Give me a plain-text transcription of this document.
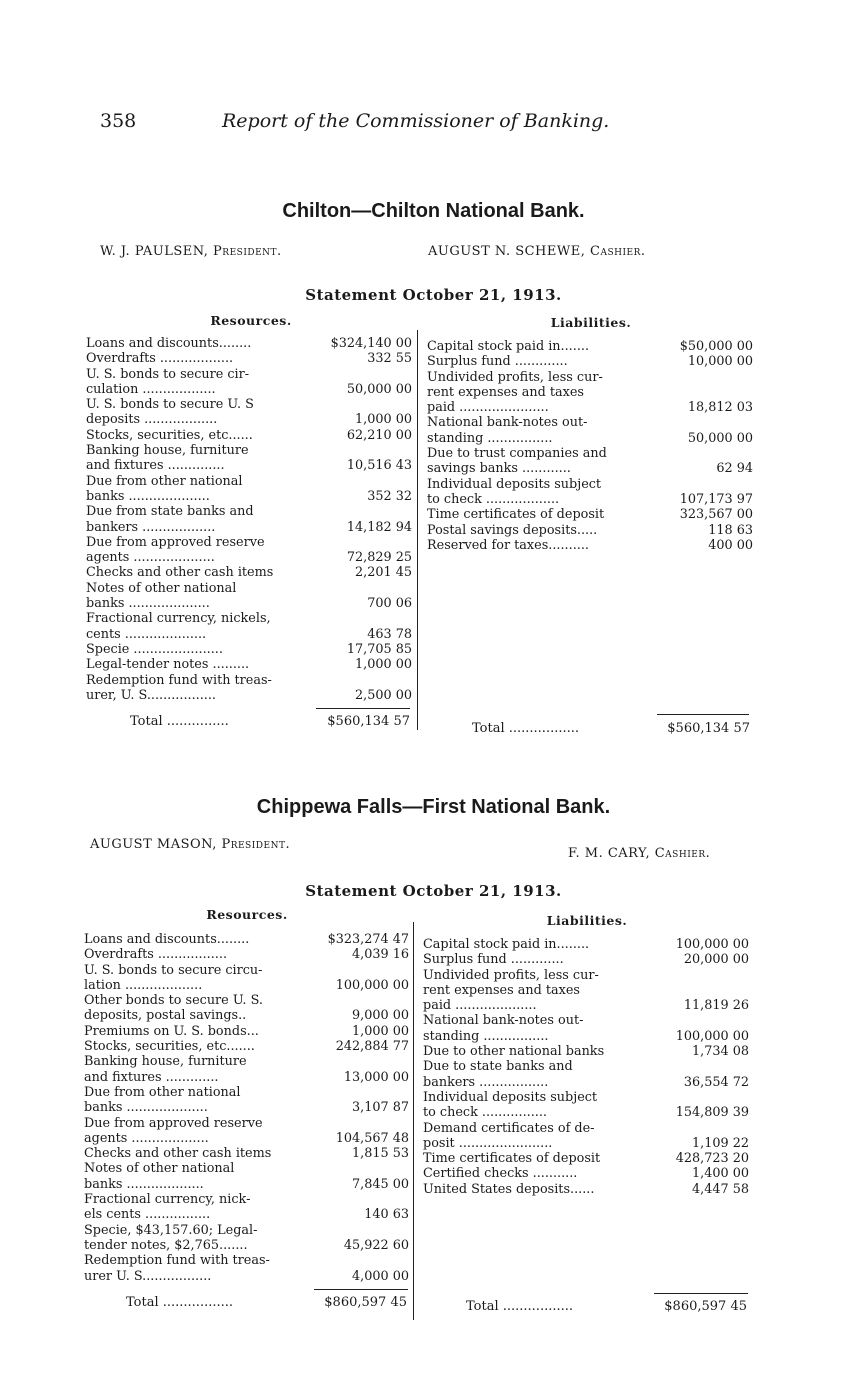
358	Report of the Commissioner of Banking.
Chilton—Chilton National Bank.
W. J. PAULSEN, President.	AUGUST N. SCHEWE, Cashier.
Statement October 21, 1913.
Resources.	Liabilities.
Loans and discounts........	$324,140 00
Overdrafts ..................	332 55
U. S. bonds to secure cir-
culation ..................	50,000 00
U. S. bonds to secure U. S
deposits ..................	1,000 00
Stocks, securities, etc......	62,210 00
Banking house, furniture
and fixtures ..............	10,516 43
Due from other national
banks ....................	352 32
Due from state banks and
bankers ..................	14,182 94
Due from approved reserve
agents ....................	72,829 25
Checks and other cash items	2,201 45
Notes of other national
banks ....................	700 06
Fractional currency, nickels,
cents ....................	463 78
Specie ......................	17,705 85
Legal-tender notes .........	1,000 00
Redemption fund with treas-
urer, U. S.................	2,500 00
Capital stock paid in.......	$50,000 00
Surplus fund .............	10,000 00
Undivided profits, less cur-
rent expenses and taxes
paid ......................	18,812 03
National bank-notes out-
standing ................	50,000 00
Due to trust companies and
savings banks ............	62 94
Individual deposits subject
to check ..................	107,173 97
Time certificates of deposit	323,567 00
Postal savings deposits.....	118 63
Reserved for taxes..........	400 00
Total ...............	$560,134 57	Total .................	$560,134 57
Chippewa Falls—First National Bank.
AUGUST MASON, President.
F. M. CARY, Cashier.
Statement October 21, 1913.
Resources.	Liabilities.
Loans and discounts........	$323,274 47
Overdrafts .................	4,039 16
U. S. bonds to secure circu-
lation ...................	100,000 00
Other bonds to secure U. S.
deposits, postal savings..	9,000 00
Premiums on U. S. bonds...	1,000 00
Stocks, securities, etc.......	242,884 77
Banking house, furniture
and fixtures .............	13,000 00
Due from other national
banks ....................	3,107 87
Due from approved reserve
agents ...................	104,567 48
Checks and other cash items	1,815 53
Notes of other national
banks ...................	7,845 00
Fractional currency, nick-
els cents ................	140 63
Specie, $43,157.60; Legal-
tender notes, $2,765.......	45,922 60
Redemption fund with treas-
urer U. S.................	4,000 00
Capital stock paid in........	100,000 00
Surplus fund .............	20,000 00
Undivided profits, less cur-
rent expenses and taxes
paid ....................	11,819 26
National bank-notes out-
standing ................	100,000 00
Due to other national banks	1,734 08
Due to state banks and
bankers .................	36,554 72
Individual deposits subject
to check ................	154,809 39
Demand certificates of de-
posit .......................	1,109 22
Time certificates of deposit	428,723 20
Certified checks ...........	1,400 00
United States deposits......	4,447 58
Total .................	$860,597 45	Total .................	$860,597 45
